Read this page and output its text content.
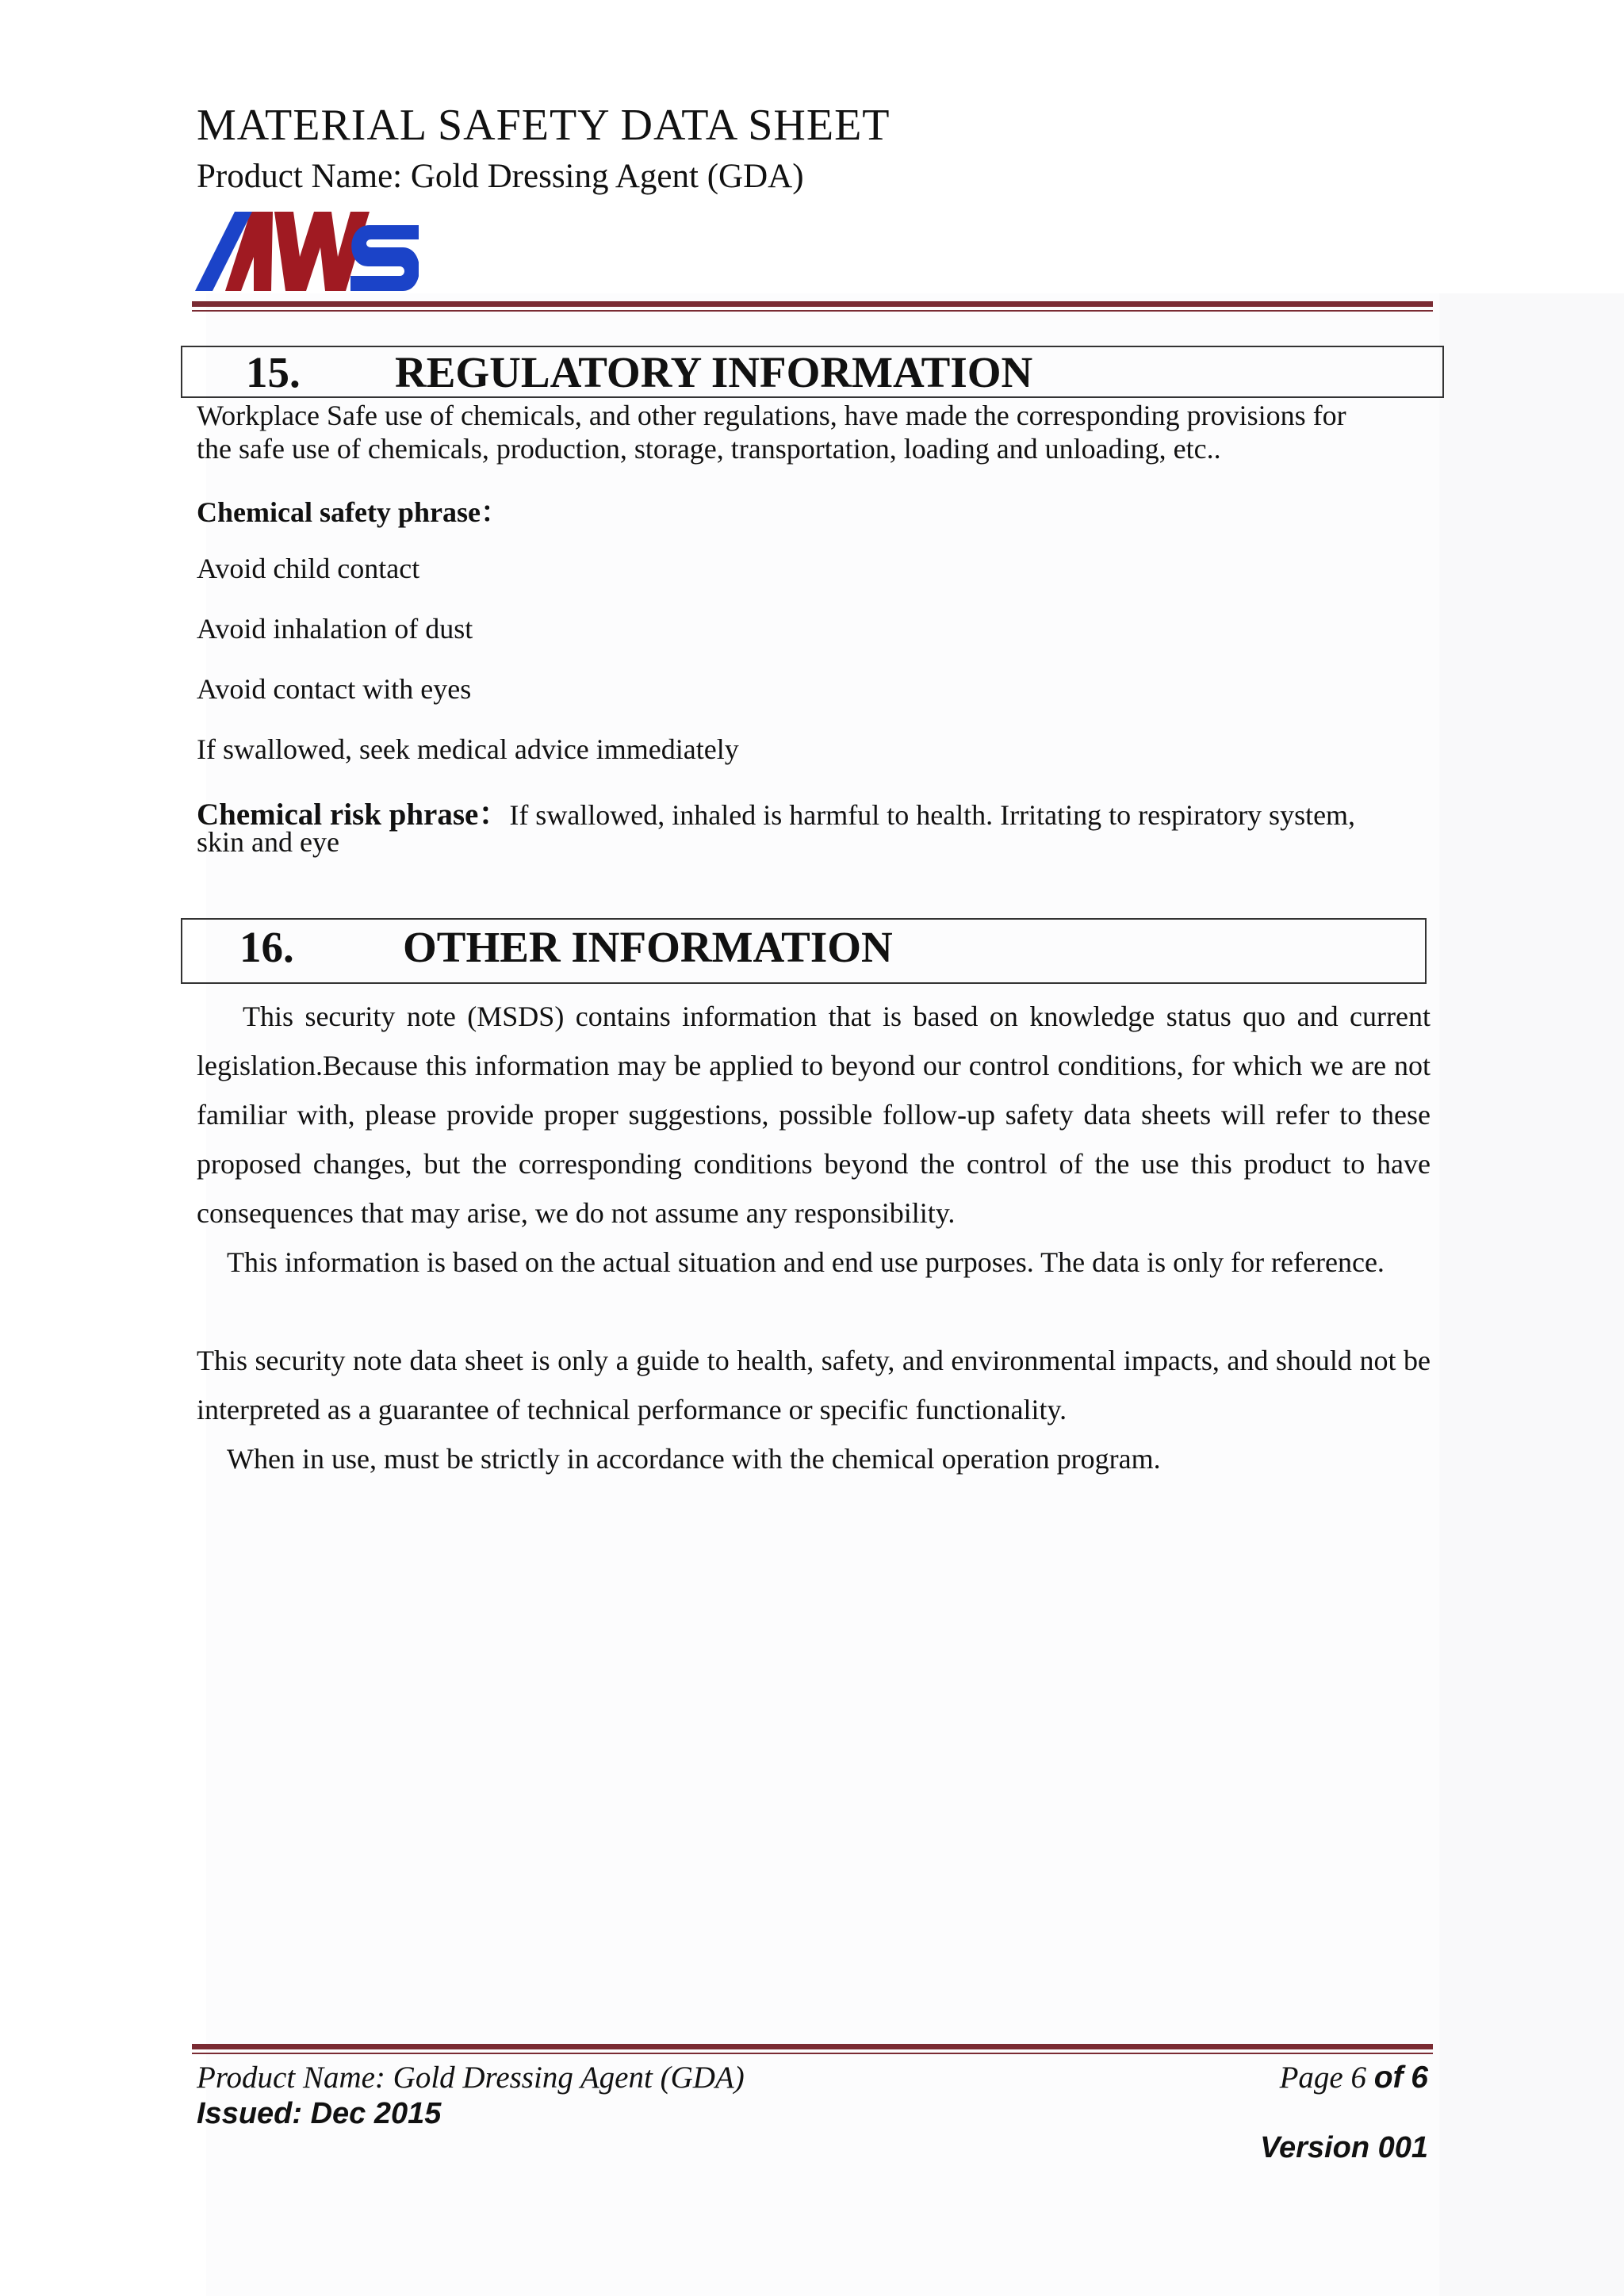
MATERIAL SAFETY DATA SHEET
Product Name: Gold Dressing Agent (GDA)
15. REGULATORY INFORMATION
Workplace Safe use of chemicals, and other regulations, have made the corresponding provisions for
the safe use of chemicals, production, storage, transportation, loading and unloading, etc..
Chemical safety phrase：
Avoid child contact
Avoid inhalation of dust
Avoid contact with eyes
If swallowed, seek medical advice immediately
Chemical risk phrase：If swallowed, inhaled is harmful to health. Irritating to respiratory system,
skin and eye
16. OTHER INFORMATION
This security note (MSDS) contains information that is based on knowledge status quo and current legislation.Because this information may be applied to beyond our control conditions, for which we are not familiar with, please provide proper suggestions, possible follow-up safety data sheets will refer to these proposed changes, but the corresponding conditions beyond the control of the use this product to have consequences that may arise, we do not assume any responsibility.
This information is based on the actual situation and end use purposes. The data is only for reference.
This security note data sheet is only a guide to health, safety, and environmental impacts, and should not be interpreted as a guarantee of technical performance or specific functionality.
When in use, must be strictly in accordance with the chemical operation program.
Product Name: Gold Dressing Agent (GDA)
Issued: Dec 2015
Page 6 of 6
Version 001
